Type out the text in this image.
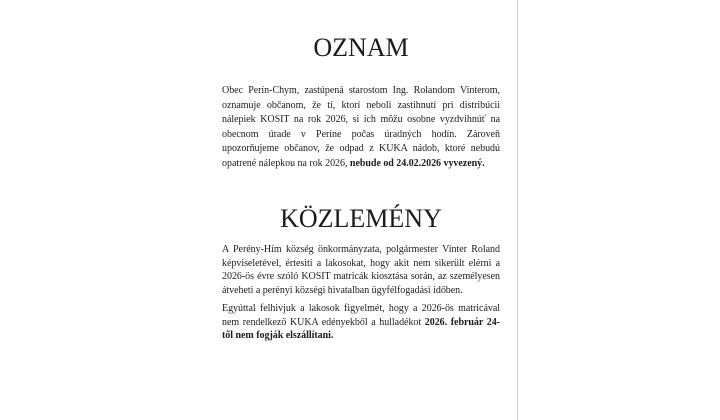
OZNAM

Obec Perín-Chym, zastúpená starostom Ing. Rolandom Vinterom, oznamuje občanom, že tí, ktorí neboli zastihnutí pri distribúcii nálepiek KOSIT na rok 2026, si ich môžu osobne vyzdvihnúť na obecnom úrade v Períne počas úradných hodín. Zároveň upozorňujeme občanov, že odpad z KUKA nádob, ktoré nebudú opatrené nálepkou na rok 2026, nebude od 24.02.2026 vyvezený.

KÖZLEMÉNY

A Perény-Hím község önkormányzata, polgármester Vinter Roland képviseletével, értesiti a lakosokat, hogy akit nem sikerült elérni a 2026-ös évre szóló KOSIT matricák kiosztása során, az személyesen átveheti a perényi községi hivatalban ügyfélfogadási időben.

Egyúttal felhivjuk a lakosok figyelmét, hogy a 2026-ös matricával nem rendelkező KUKA edényekből a hulladékot 2026. február 24-től nem fogják elszállítani.
